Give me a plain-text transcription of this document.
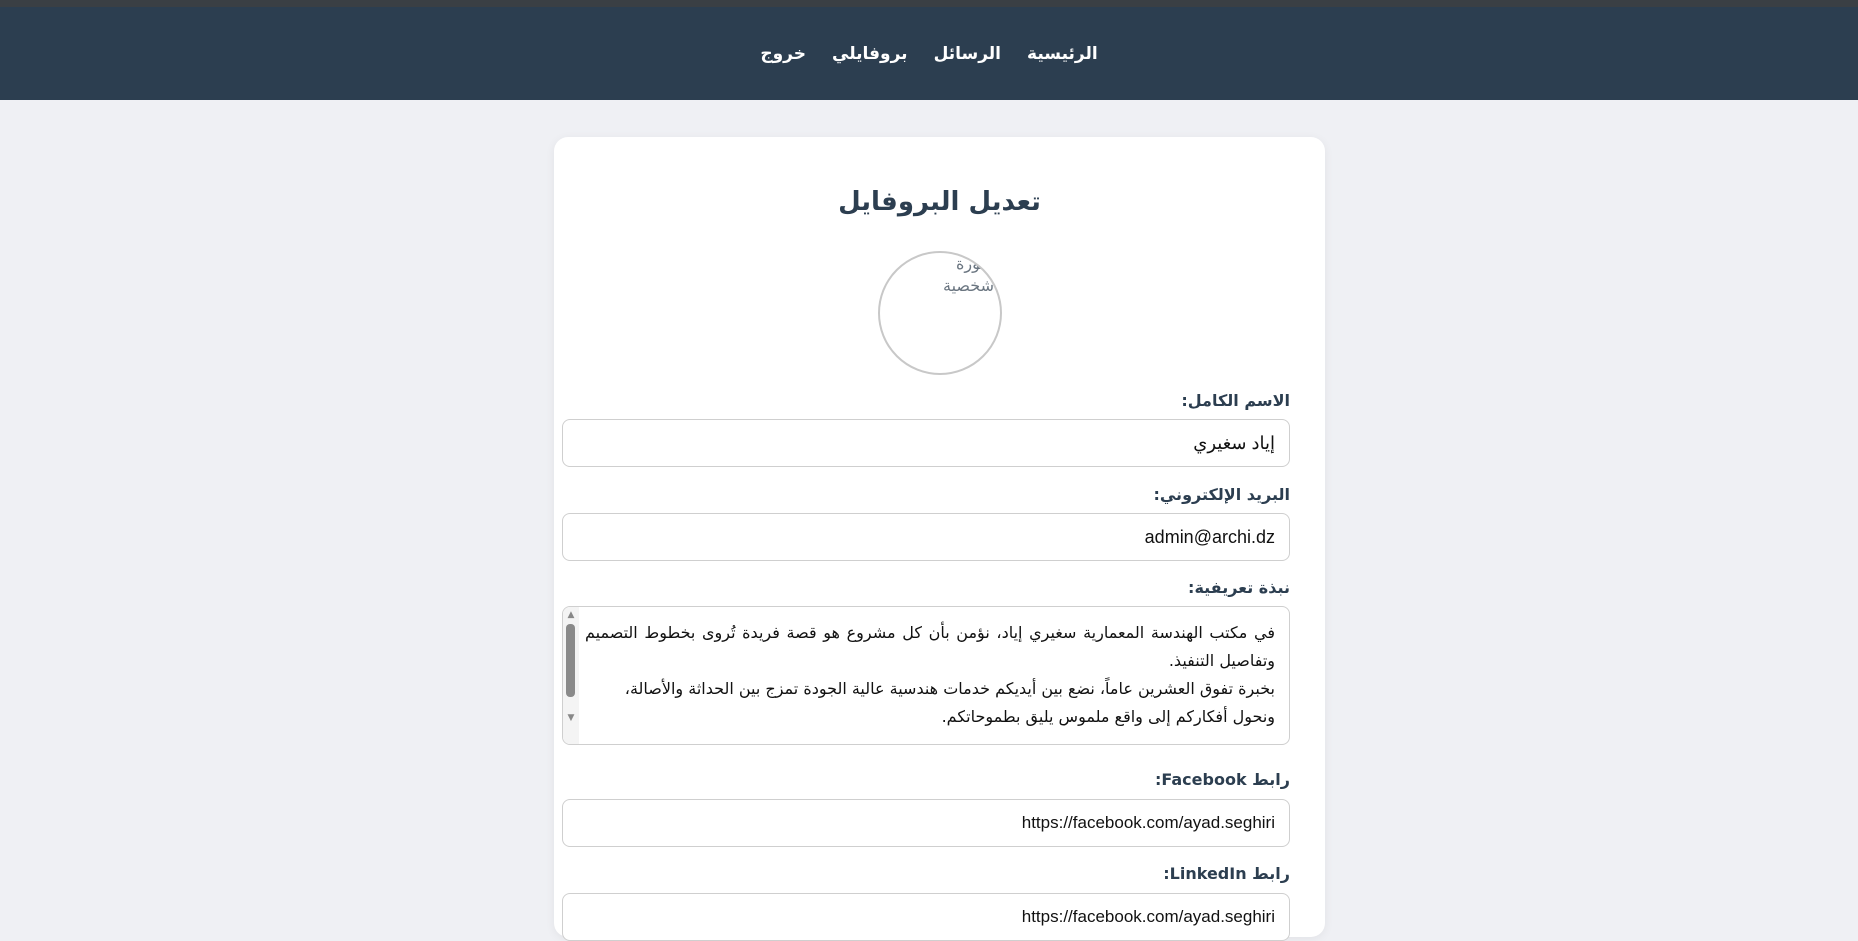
الرئيسية
الرسائل
بروفايلي
خروج
تعديل البروفايل
صورة شخصية
الاسم الكامل:
إياد سغيري
البريد الإلكتروني:
admin@archi.dz
نبذة تعريفية:
في مكتب الهندسة المعمارية سغيري إياد، نؤمن بأن كل مشروع هو قصة فريدة تُروى بخطوط التصميم وتفاصيل التنفيذ.
بخبرة تفوق العشرين عاماً، نضع بين أيديكم خدمات هندسية عالية الجودة تمزج بين الحداثة والأصالة،
ونحول أفكاركم إلى واقع ملموس يليق بطموحاتكم.
▲
▼
رابط Facebook:
https://facebook.com/ayad.seghiri
رابط LinkedIn:
https://facebook.com/ayad.seghiri
